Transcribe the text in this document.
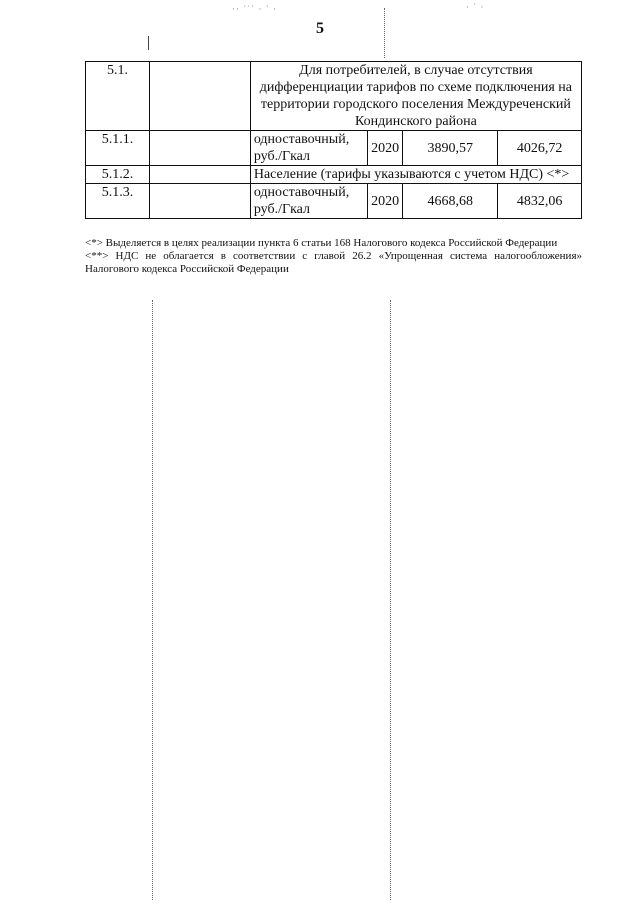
·· ˙˙˙ · ˙ ·	· ˙ ·
5
5.1.		Для потребителей, в случае отсутствия дифференциации тарифов по схеме подключения на территории городского поселения Междуреченский Кондинского района			
5.1.1.		одноставочный, руб./Гкал	2020	3890,57	4026,72
5.1.2.		Население (тарифы указываются с учетом НДС) <*>			
5.1.3.		одноставочный, руб./Гкал	2020	4668,68	4832,06

<*> Выделяется в целях реализации пункта 6 статьи 168 Налогового кодекса Российской Федерации

<**> НДС не облагается в соответствии с главой 26.2 «Упрощенная система налогообложения» Налогового кодекса Российской Федерации
